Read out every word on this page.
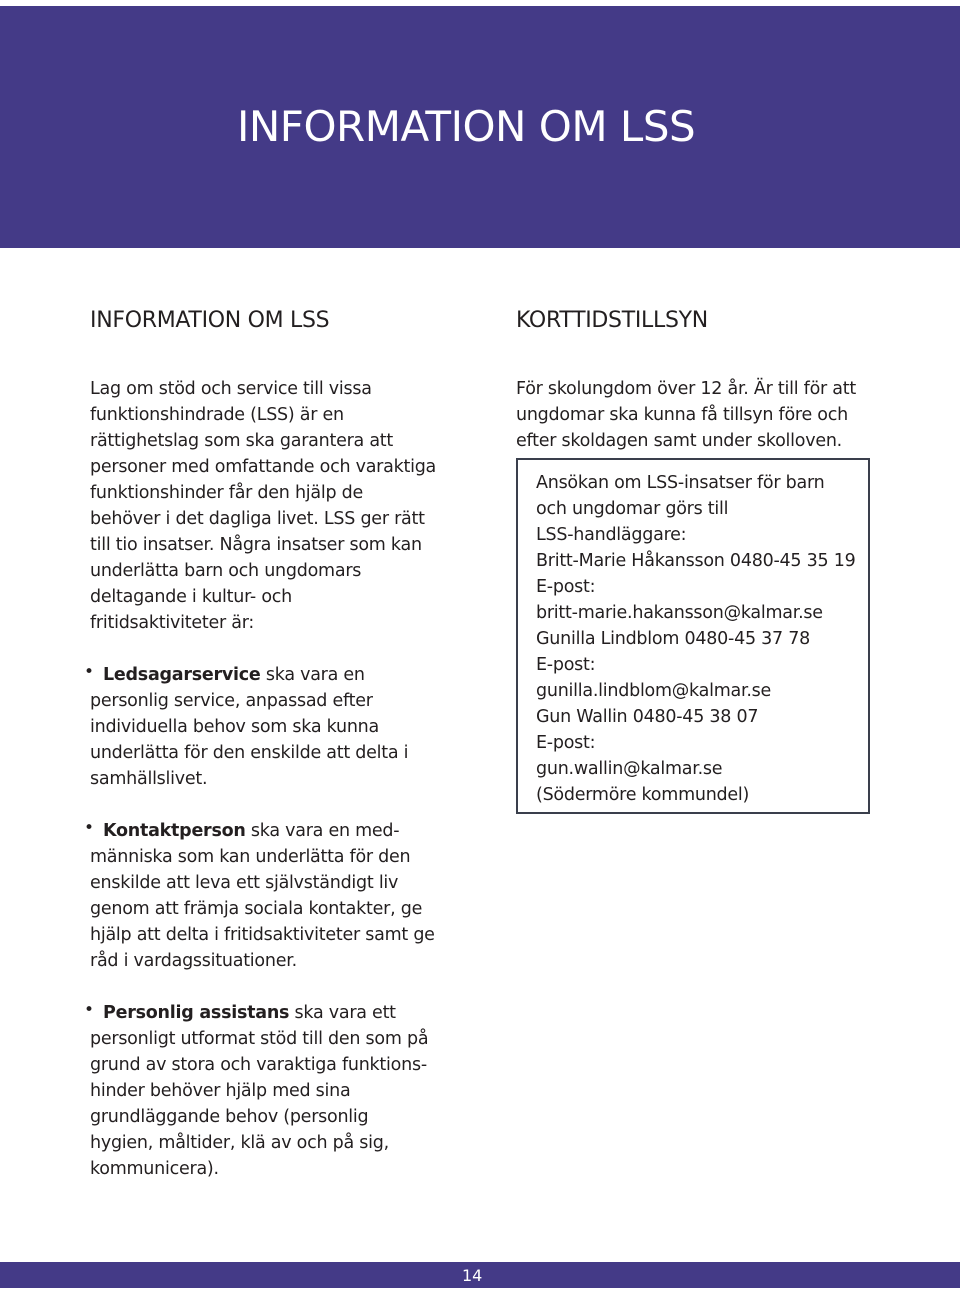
INFORMATION OM LSS
INFORMATION OM LSS

Lag om stöd och service till vissa
funktionshindrade (LSS) är en
rättighetslag som ska garantera att
personer med omfattande och varaktiga
funktionshinder får den hjälp de
behöver i det dagliga livet. LSS ger rätt
till tio insatser. Några insatser som kan
underlätta barn och ungdomars
deltagande i kultur- och
fritidsaktiviteter är:

• Ledsagarservice ska vara en
personlig service, anpassad efter
individuella behov som ska kunna
underlätta för den enskilde att delta i
samhällslivet.

• Kontaktperson ska vara en med-
människa som kan underlätta för den
enskilde att leva ett självständigt liv
genom att främja sociala kontakter, ge
hjälp att delta i fritidsaktiviteter samt ge
råd i vardagssituationer.

• Personlig assistans ska vara ett
personligt utformat stöd till den som på
grund av stora och varaktiga funktions-
hinder behöver hjälp med sina
grundläggande behov (personlig
hygien, måltider, klä av och på sig,
kommunicera).

KORTTIDSTILLSYN

För skolungdom över 12 år. Är till för att
ungdomar ska kunna få tillsyn före och
efter skoldagen samt under skolloven.

Ansökan om LSS-insatser för barn
och ungdomar görs till
LSS-handläggare:
Britt-Marie Håkansson 0480-45 35 19
E-post:
britt-marie.hakansson@kalmar.se
Gunilla Lindblom 0480-45 37 78
E-post:
gunilla.lindblom@kalmar.se
Gun Wallin 0480-45 38 07
E-post:
gun.wallin@kalmar.se
(Södermöre kommundel)

14
